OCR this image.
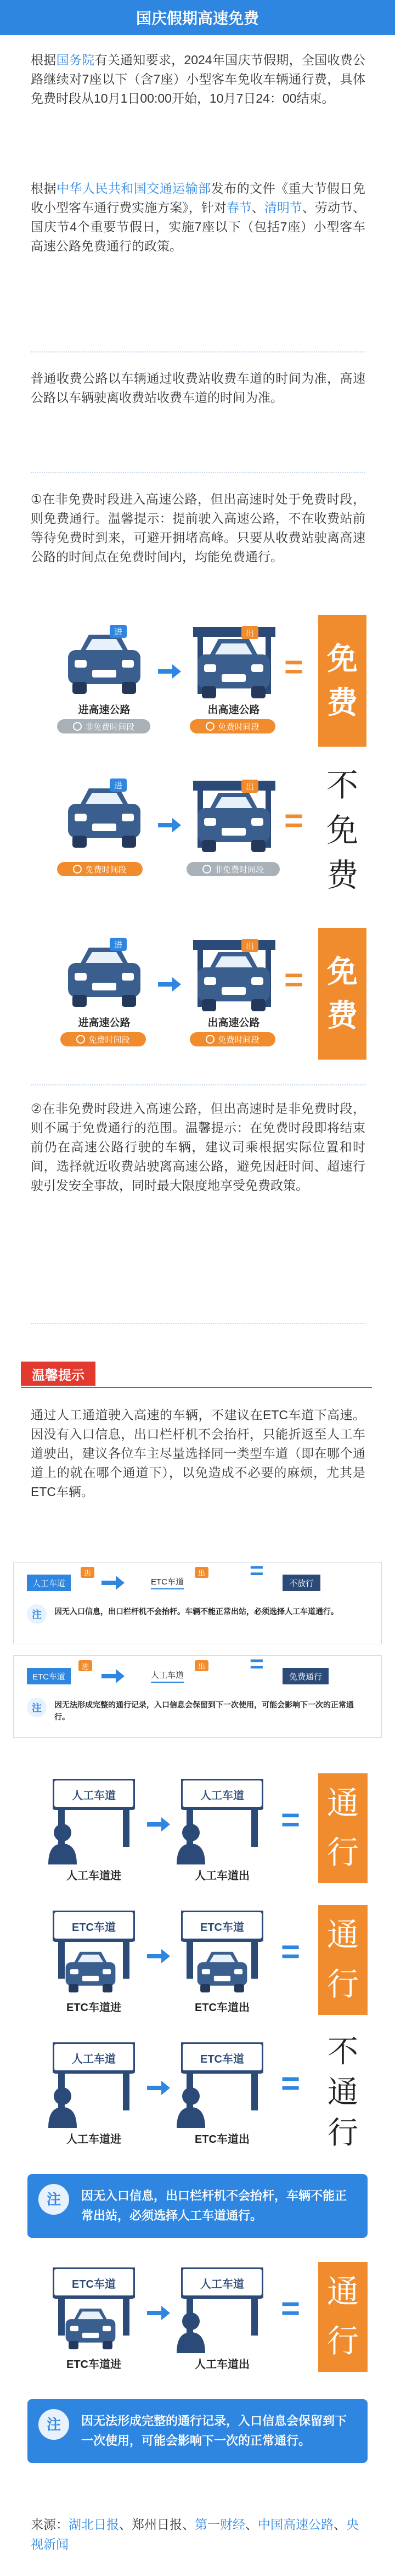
国庆假期高速免费
根据国务院有关通知要求，2024年国庆节假期，全国收费公路继续对7座以下（含7座）小型客车免收车辆通行费，具体免费时段从10月1日00:00开始，10月7日24：00结束。
根据中华人民共和国交通运输部发布的文件《重大节假日免收小型客车通行费实施方案》，针对春节、清明节、劳动节、国庆节4个重要节假日，实施7座以下（包括7座）小型客车高速公路免费通行的政策。
普通收费公路以车辆通过收费站收费车道的时间为准，高速公路以车辆驶离收费站收费车道的时间为准。
①在非免费时段进入高速公路，但出高速时处于免费时段，则免费通行。温馨提示：提前驶入高速公路，不在收费站前等待免费时到来，可避开拥堵高峰。只要从收费站驶离高速公路的时间点在免费时间内，均能免费通行。
进
进高速公路
非免费时间段
出
出高速公路
免费时间段
= 免
费
进
免费时间段
出
非免费时间段
=
不
免
费
进
进高速公路
免费时间段
出
出高速公路
免费时间段
= 免
费
②在非免费时段进入高速公路，但出高速时是非免费时段，则不属于免费通行的范围。温馨提示：在免费时段即将结束前仍在高速公路行驶的车辆，建议司乘根据实际位置和时间，选择就近收费站驶离高速公路，避免因赶时间、超速行驶引发安全事故，同时最大限度地享受免费政策。
温馨提示
通过人工通道驶入高速的车辆，不建议在ETC车道下高速。因没有入口信息，出口栏杆机不会抬杆，只能折返至人工车道驶出，建议各位车主尽量选择同一类型车道（即在哪个通道上的就在哪个通道下），以免造成不必要的麻烦，尤其是ETC车辆。
人工车道
进
ETC车道
出 =	不放行
注	因无入口信息，出口栏杆机不会抬杆。车辆不能正常出站，必须选择人工车道通行。
ETC车道
进
人工车道
出 =	免费通行
注	因无法形成完整的通行记录，入口信息会保留到下一次使用，可能会影响下一次的正常通行。
人工车道
人工车道进
人工车道
人工车道出
= 通
行
ETC车道
ETC车道进
ETC车道
ETC车道出
= 通
行
人工车道
人工车道进
ETC车道
ETC车道出
=
不
通
行
注	因无入口信息，出口栏杆机不会抬杆，车辆不能正常出站，必须选择人工车道通行。
ETC车道
ETC车道进
人工车道
人工车道出
= 通
行
注	因无法形成完整的通行记录，入口信息会保留到下一次使用，可能会影响下一次的正常通行。
来源：湖北日报、郑州日报、第一财经、中国高速公路、央视新闻
